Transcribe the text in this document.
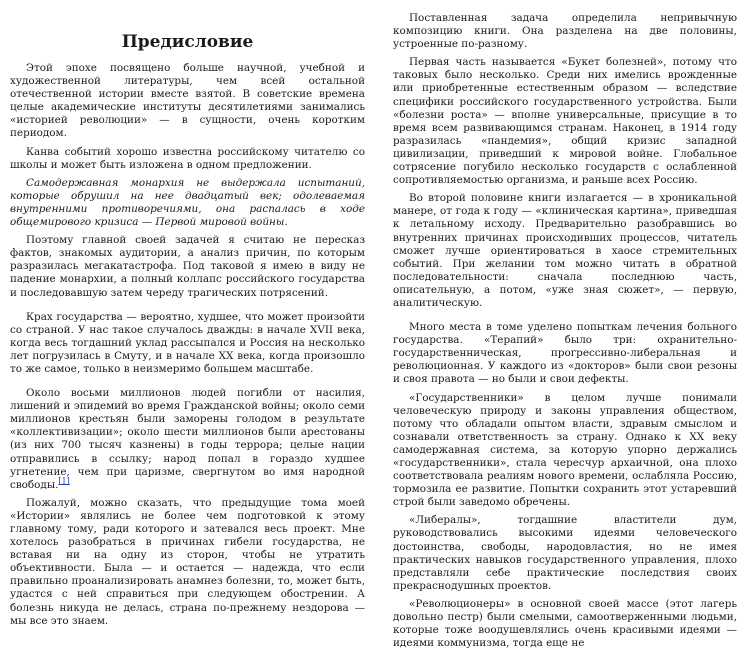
Предисловие

Этой эпохе посвящено больше научной, учебной и художественной литературы, чем всей остальной отечественной истории вместе взятой. В советские времена целые академические институты десятилетиями занимались «историей революции» — в сущности, очень коротким периодом.

Канва событий хорошо известна российскому читателю со школы и может быть изложена в одном предложении.

Самодержавная монархия не выдержала испытаний, которые обрушил на нее двадцатый век; одолеваемая внутренними противоречиями, она распалась в ходе общемирового кризиса — Первой мировой войны.

Поэтому главной своей задачей я считаю не пересказ фактов, знакомых аудитории, а анализ причин, по которым разразилась мегакатастрофа. Под таковой я имею в виду не падение монархии, а полный коллапс российского государства и последовавшую затем череду трагических потрясений.

Крах государства — вероятно, худшее, что может произойти со страной. У нас такое случалось дважды: в начале XVII века, когда весь тогдашний уклад рассыпался и Россия на несколько лет погрузилась в Смуту, и в начале XX века, когда произошло то же самое, только в неизмеримо большем масштабе.

Около восьми миллионов людей погибли от насилия, лишений и эпидемий во время Гражданской войны; около семи миллионов крестьян были заморены голодом в результате «коллективизации»; около шести миллионов были арестованы (из них 700 тысяч казнены) в годы террора; целые нации отправились в ссылку; народ попал в гораздо худшее угнетение, чем при царизме, свергнутом во имя народной свободы.[1]

Пожалуй, можно сказать, что предыдущие тома моей «Истории» являлись не более чем подготовкой к этому главному тому, ради которого и затевался весь проект. Мне хотелось разобраться в причинах гибели государства, не вставая ни на одну из сторон, чтобы не утратить объективности. Была — и остается — надежда, что если правильно проанализировать анамнез болезни, то, может быть, удастся с ней справиться при следующем обострении. А болезнь никуда не делась, страна по-прежнему нездорова — мы все это знаем.

Поставленная задача определила непривычную композицию книги. Она разделена на две половины, устроенные по-разному.

Первая часть называется «Букет болезней», потому что таковых было несколько. Среди них имелись врожденные или приобретенные естественным образом — вследствие специфики российского государственного устройства. Были «болезни роста» — вполне универсальные, присущие в то время всем развивающимся странам. Наконец, в 1914 году разразилась «пандемия», общий кризис западной цивилизации, приведший к мировой войне. Глобальное сотрясение погубило несколько государств с ослабленной сопротивляемостью организма, и раньше всех Россию.

Во второй половине книги излагается — в хроникальной манере, от года к году — «клиническая картина», приведшая к летальному исходу. Предварительно разобравшись во внутренних причинах происходивших процессов, читатель сможет лучше ориентироваться в хаосе стремительных событий. При желании том можно читать в обратной последовательности: сначала последнюю часть, описательную, а потом, «уже зная сюжет», — первую, аналитическую.

Много места в томе уделено попыткам лечения больного государства. «Терапий» было три: охранительно-государственническая, прогрессивно-либеральная и революционная. У каждого из «докторов» были свои резоны и своя правота — но были и свои дефекты.

«Государственники» в целом лучше понимали человеческую природу и законы управления обществом, потому что обладали опытом власти, здравым смыслом и сознавали ответственность за страну. Однако к XX веку самодержавная система, за которую упорно держались «государственники», стала чересчур архаичной, она плохо соответствовала реалиям нового времени, ослабляла Россию, тормозила ее развитие. Попытки сохранить этот устаревший строй были заведомо обречены.

«Либералы», тогдашние властители дум, руководствовались высокими идеями человеческого достоинства, свободы, народовластия, но не имея практических навыков государственного управления, плохо представляли себе практические последствия своих прекраснодушных проектов.

«Революционеры» в основной своей массе (этот лагерь довольно пестр) были смелыми, самоотверженными людьми, которые тоже воодушевлялись очень красивыми идеями — идеями коммунизма, тогда еще не
